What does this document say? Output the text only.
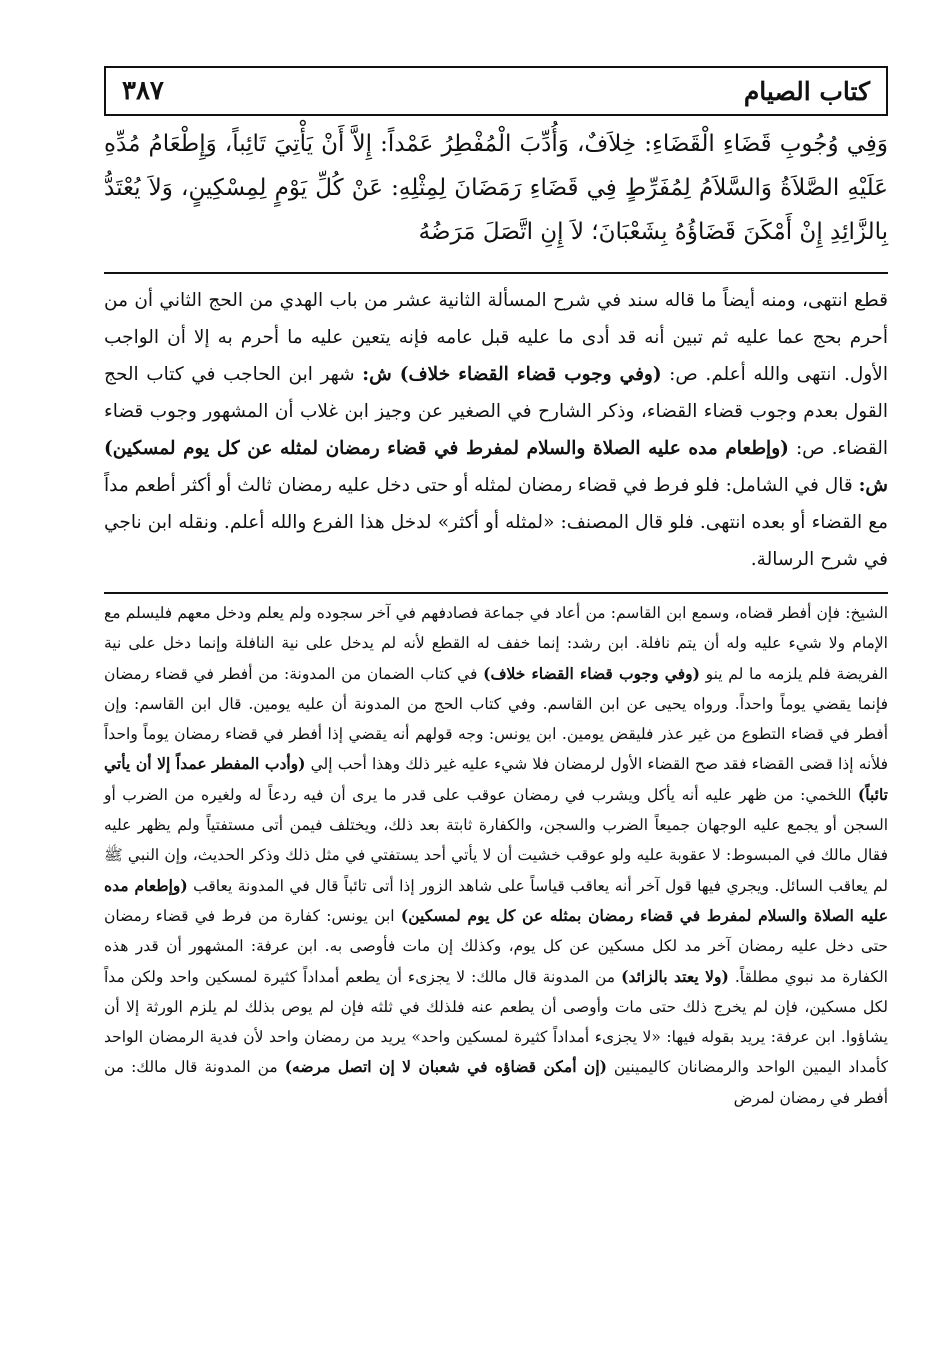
٣٨٧	كتاب الصيام

وَفِي وُجُوبِ قَضَاءِ الْقَضَاءِ: خِلاَفٌ، وَأُدِّبَ الْمُفْطِرُ عَمْداً: إِلاَّ أَنْ يَأْتِيَ تَائِباً، وَإِطْعَامُ مُدِّهِ عَلَيْهِ الصَّلاَةُ وَالسَّلاَمُ لِمُفَرِّطٍ فِي قَضَاءِ رَمَضَانَ لِمِثْلِهِ: عَنْ كُلِّ يَوْمٍ لِمِسْكِينٍ، وَلاَ يُعْتَدُّ بِالزَّائِدِ إِنْ أَمْكَنَ قَضَاؤُهُ بِشَعْبَانَ؛ لاَ إِنِ اتَّصَلَ مَرَضُهُ

قطع انتهى، ومنه أيضاً ما قاله سند في شرح المسألة الثانية عشر من باب الهدي من الحج الثاني أن من أحرم بحج عما عليه ثم تبين أنه قد أدى ما عليه قبل عامه فإنه يتعين عليه ما أحرم به إلا أن الواجب الأول. انتهى والله أعلم. ص: (وفي وجوب قضاء القضاء خلاف) ش: شهر ابن الحاجب في كتاب الحج القول بعدم وجوب قضاء القضاء، وذكر الشارح في الصغير عن وجيز ابن غلاب أن المشهور وجوب قضاء القضاء. ص: (وإطعام مده عليه الصلاة والسلام لمفرط في قضاء رمضان لمثله عن كل يوم لمسكين) ش: قال في الشامل: فلو فرط في قضاء رمضان لمثله أو حتى دخل عليه رمضان ثالث أو أكثر أطعم مداً مع القضاء أو بعده انتهى. فلو قال المصنف: «لمثله أو أكثر» لدخل هذا الفرع والله أعلم. ونقله ابن ناجي في شرح الرسالة.

الشيخ: فإن أفطر قضاه، وسمع ابن القاسم: من أعاد في جماعة فصادفهم في آخر سجوده ولم يعلم ودخل معهم فليسلم مع الإمام ولا شيء عليه وله أن يتم نافلة. ابن رشد: إنما خفف له القطع لأنه لم يدخل على نية النافلة وإنما دخل على نية الفريضة فلم يلزمه ما لم ينو (وفي وجوب قضاء القضاء خلاف) في كتاب الضمان من المدونة: من أفطر في قضاء رمضان فإنما يقضي يوماً واحداً. ورواه يحيى عن ابن القاسم. وفي كتاب الحج من المدونة أن عليه يومين. قال ابن القاسم: وإن أفطر في قضاء التطوع من غير عذر فليقض يومين. ابن يونس: وجه قولهم أنه يقضي إذا أفطر في قضاء رمضان يوماً واحداً فلأنه إذا قضى القضاء فقد صح القضاء الأول لرمضان فلا شيء عليه غير ذلك وهذا أحب إلي (وأدب المفطر عمداً إلا أن يأتي تائباً) اللخمي: من ظهر عليه أنه يأكل ويشرب في رمضان عوقب على قدر ما يرى أن فيه ردعاً له ولغيره من الضرب أو السجن أو يجمع عليه الوجهان جميعاً الضرب والسجن، والكفارة ثابتة بعد ذلك، ويختلف فيمن أتى مستفتياً ولم يظهر عليه فقال مالك في المبسوط: لا عقوبة عليه ولو عوقب خشيت أن لا يأتي أحد يستفتي في مثل ذلك وذكر الحديث، وإن النبي ﷺ لم يعاقب السائل. ويجري فيها قول آخر أنه يعاقب قياساً على شاهد الزور إذا أتى تائباً قال في المدونة يعاقب (وإطعام مده عليه الصلاة والسلام لمفرط في قضاء رمضان بمثله عن كل يوم لمسكين) ابن يونس: كفارة من فرط في قضاء رمضان حتى دخل عليه رمضان آخر مد لكل مسكين عن كل يوم، وكذلك إن مات فأوصى به. ابن عرفة: المشهور أن قدر هذه الكفارة مد نبوي مطلقاً. (ولا يعتد بالزائد) من المدونة قال مالك: لا يجزىء أن يطعم أمداداً كثيرة لمسكين واحد ولكن مداً لكل مسكين، فإن لم يخرج ذلك حتى مات وأوصى أن يطعم عنه فلذلك في ثلثه فإن لم يوص بذلك لم يلزم الورثة إلا أن يشاؤوا. ابن عرفة: يريد بقوله فيها: «لا يجزىء أمداداً كثيرة لمسكين واحد» يريد من رمضان واحد لأن فدية الرمضان الواحد كأمداد اليمين الواحد والرمضانان كاليمينين (إن أمكن قضاؤه في شعبان لا إن اتصل مرضه) من المدونة قال مالك: من أفطر في رمضان لمرض
